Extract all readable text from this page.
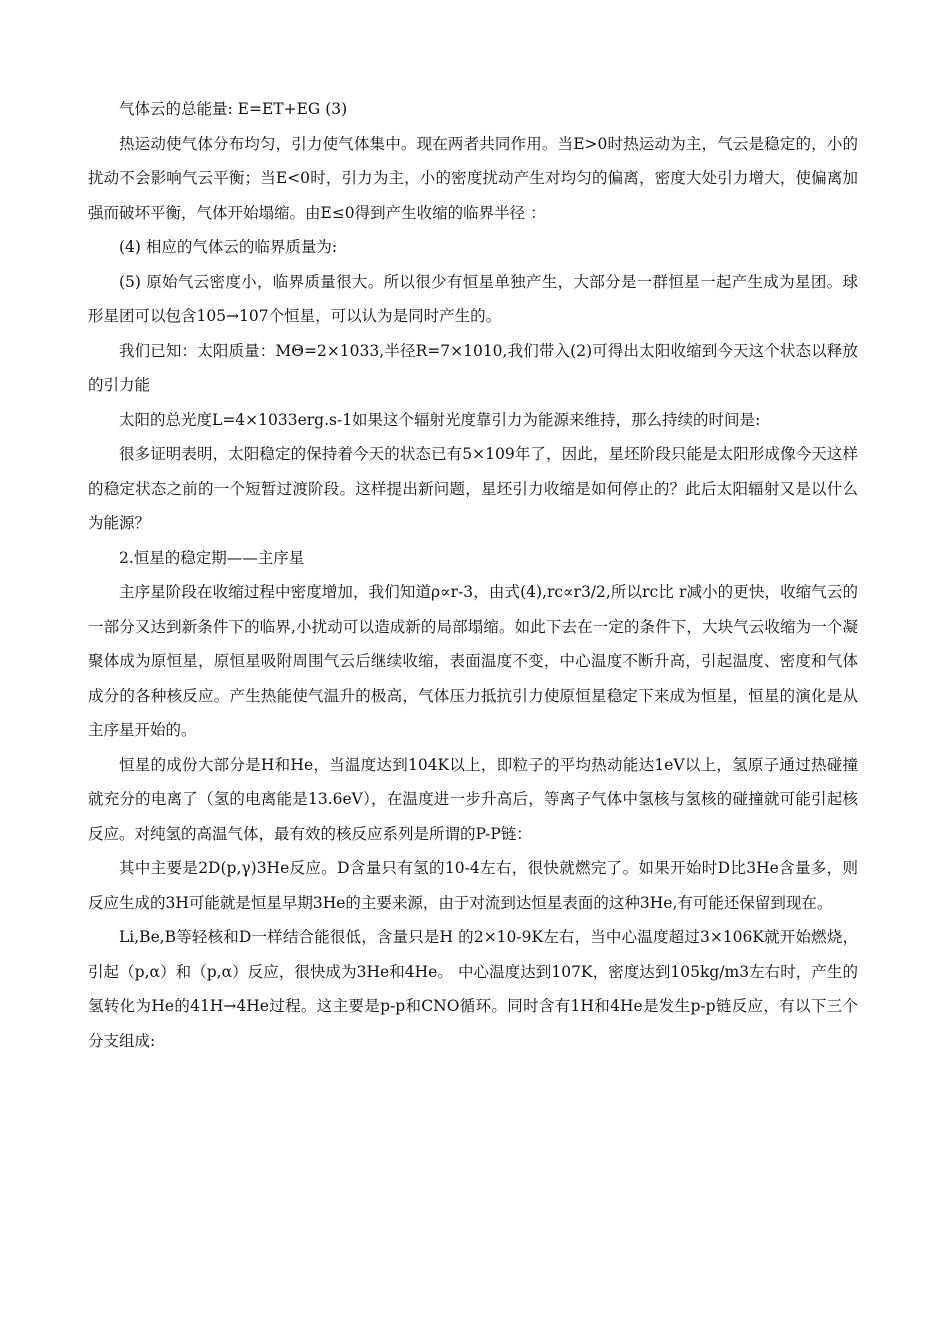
气体云的总能量: E=ET+EG (3)

热运动使气体分布均匀，引力使气体集中。现在两者共同作用。当E>0时热运动为主，气云是稳定的，小的扰动不会影响气云平衡；当E<0时，引力为主，小的密度扰动产生对均匀的偏离，密度大处引力增大，使偏离加强而破坏平衡，气体开始塌缩。由E≤0得到产生收缩的临界半径 ：

(4) 相应的气体云的临界质量为:

(5) 原始气云密度小，临界质量很大。所以很少有恒星单独产生，大部分是一群恒星一起产生成为星团。球形星团可以包含105→107个恒星，可以认为是同时产生的。

我们已知：太阳质量：MΘ=2×1033,半径R=7×1010,我们带入(2)可得出太阳收缩到今天这个状态以释放的引力能

太阳的总光度L=4×1033erg.s-1如果这个辐射光度靠引力为能源来维持，那么持续的时间是:

很多证明表明，太阳稳定的保持着今天的状态已有5×109年了，因此，星坯阶段只能是太阳形成像今天这样的稳定状态之前的一个短暂过渡阶段。这样提出新问题，星坯引力收缩是如何停止的？此后太阳辐射又是以什么为能源？

2.恒星的稳定期——主序星

主序星阶段在收缩过程中密度增加，我们知道ρ∝r-3，由式(4),rc∝r3/2,所以rc比 r减小的更快，收缩气云的一部分又达到新条件下的临界,小扰动可以造成新的局部塌缩。如此下去在一定的条件下，大块气云收缩为一个凝聚体成为原恒星，原恒星吸附周围气云后继续收缩，表面温度不变，中心温度不断升高，引起温度、密度和气体成分的各种核反应。产生热能使气温升的极高，气体压力抵抗引力使原恒星稳定下来成为恒星，恒星的演化是从主序星开始的。

恒星的成份大部分是H和He，当温度达到104K以上，即粒子的平均热动能达1eV以上，氢原子通过热碰撞就充分的电离了（氢的电离能是13.6eV），在温度进一步升高后，等离子气体中氢核与氢核的碰撞就可能引起核反应。对纯氢的高温气体，最有效的核反应系列是所谓的P-P链：

其中主要是2D(p,γ)3He反应。D含量只有氢的10-4左右，很快就燃完了。如果开始时D比3He含量多，则反应生成的3H可能就是恒星早期3He的主要来源，由于对流到达恒星表面的这种3He,有可能还保留到现在。

Li,Be,B等轻核和D一样结合能很低，含量只是H 的2×10-9K左右，当中心温度超过3×106K就开始燃烧，引起（p,α）和（p,α）反应，很快成为3He和4He。 中心温度达到107K，密度达到105kg/m3左右时，产生的氢转化为He的41H→4He过程。这主要是p-p和CNO循环。同时含有1H和4He是发生p-p链反应，有以下三个分支组成:
